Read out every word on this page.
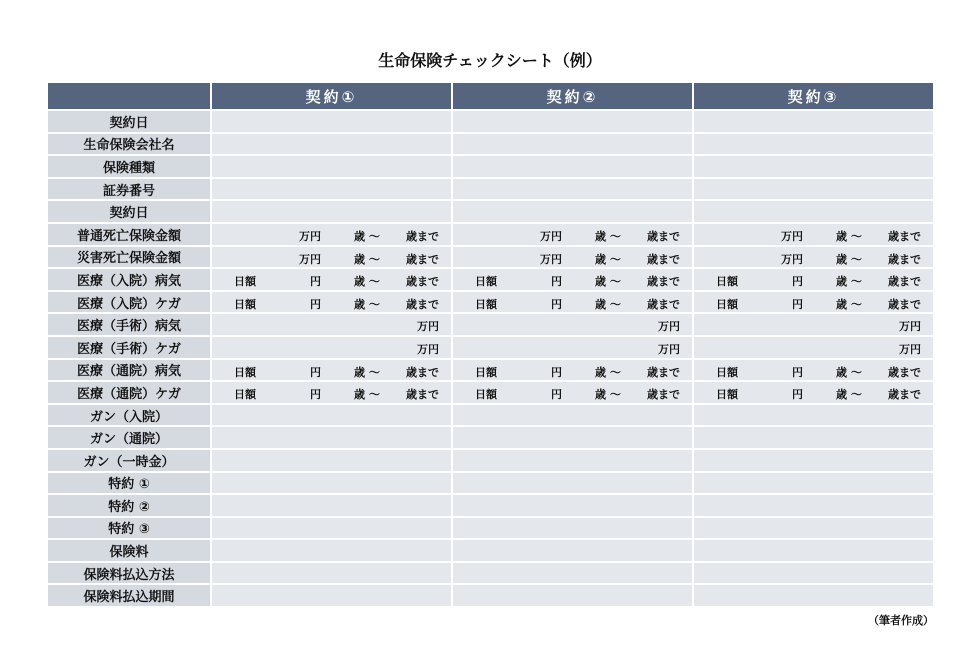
生命保険チェックシート（例）
	契約①	契約②	契約③
契約日			
生命保険会社名			
保険種類			
証券番号			
契約日			
普通死亡保険金額	万円 歳 ～ 歳まで	万円 歳 ～ 歳まで	万円 歳 ～ 歳まで

災害死亡保険金額	万円 歳 ～ 歳まで	万円 歳 ～ 歳まで	万円 歳 ～ 歳まで

医療（入院）病気	日額 円 歳 ～ 歳まで	日額 円 歳 ～ 歳まで	日額 円 歳 ～ 歳まで

医療（入院）ケガ	日額 円 歳 ～ 歳まで	日額 円 歳 ～ 歳まで	日額 円 歳 ～ 歳まで

医療（手術）病気	万円	万円	万円

医療（手術）ケガ	万円	万円	万円

医療（通院）病気	日額 円 歳 ～ 歳まで	日額 円 歳 ～ 歳まで	日額 円 歳 ～ 歳まで

医療（通院）ケガ	日額 円 歳 ～ 歳まで	日額 円 歳 ～ 歳まで	日額 円 歳 ～ 歳まで

ガン（入院）			
ガン（通院）			
ガン（一時金）			
特約 ①			
特約 ②			
特約 ③			
保険料			
保険料払込方法			
保険料払込期間			
（筆者作成）
